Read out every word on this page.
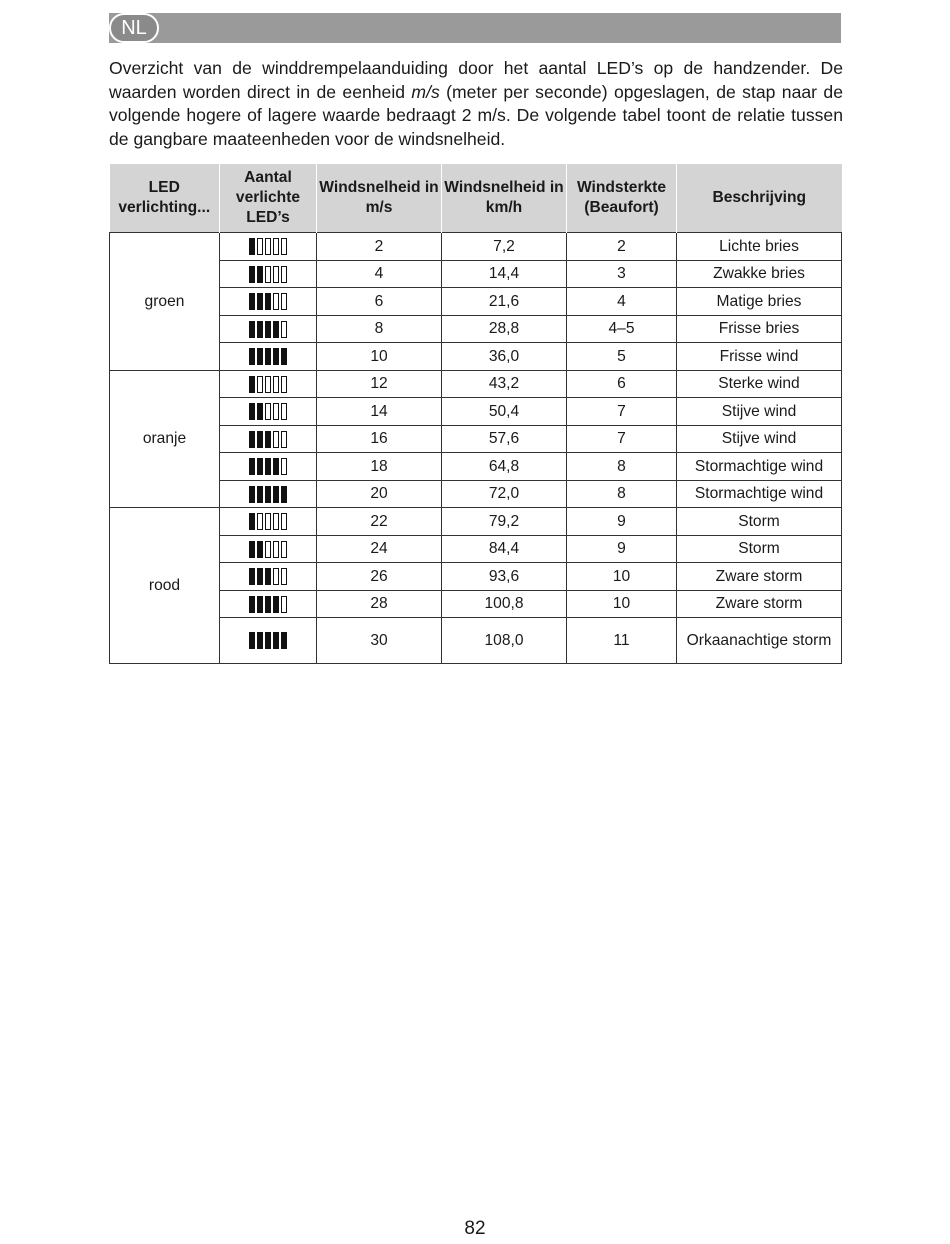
NL

Overzicht van de winddrempelaanduiding door het aantal LED’s op de handzender. De waarden worden direct in de eenheid m/s (meter per seconde) opgeslagen, de stap naar de volgende hogere of lagere waarde bedraagt 2 m/s. De volgende tabel toont de relatie tussen de gangbare maateenheden voor de windsnelheid.

LED verlichting...	Aantal verlichte LED’s	Windsnelheid in m/s	Windsnelheid in km/h	Windsterkte (Beaufort)	Beschrijving
groen		2	7,2	2	Lichte bries

		4	14,4	3	Zwakke bries

		6	21,6	4	Matige bries

		8	28,8	4–5	Frisse bries

		10	36,0	5	Frisse wind
oranje		12	43,2	6	Sterke wind

		14	50,4	7	Stijve wind

		16	57,6	7	Stijve wind

		18	64,8	8	Stormachtige wind

		20	72,0	8	Stormachtige wind
rood		22	79,2	9	Storm

		24	84,4	9	Storm

		26	93,6	10	Zware storm

		28	100,8	10	Zware storm

		30	108,0	11	Orkaanachtige storm
82
